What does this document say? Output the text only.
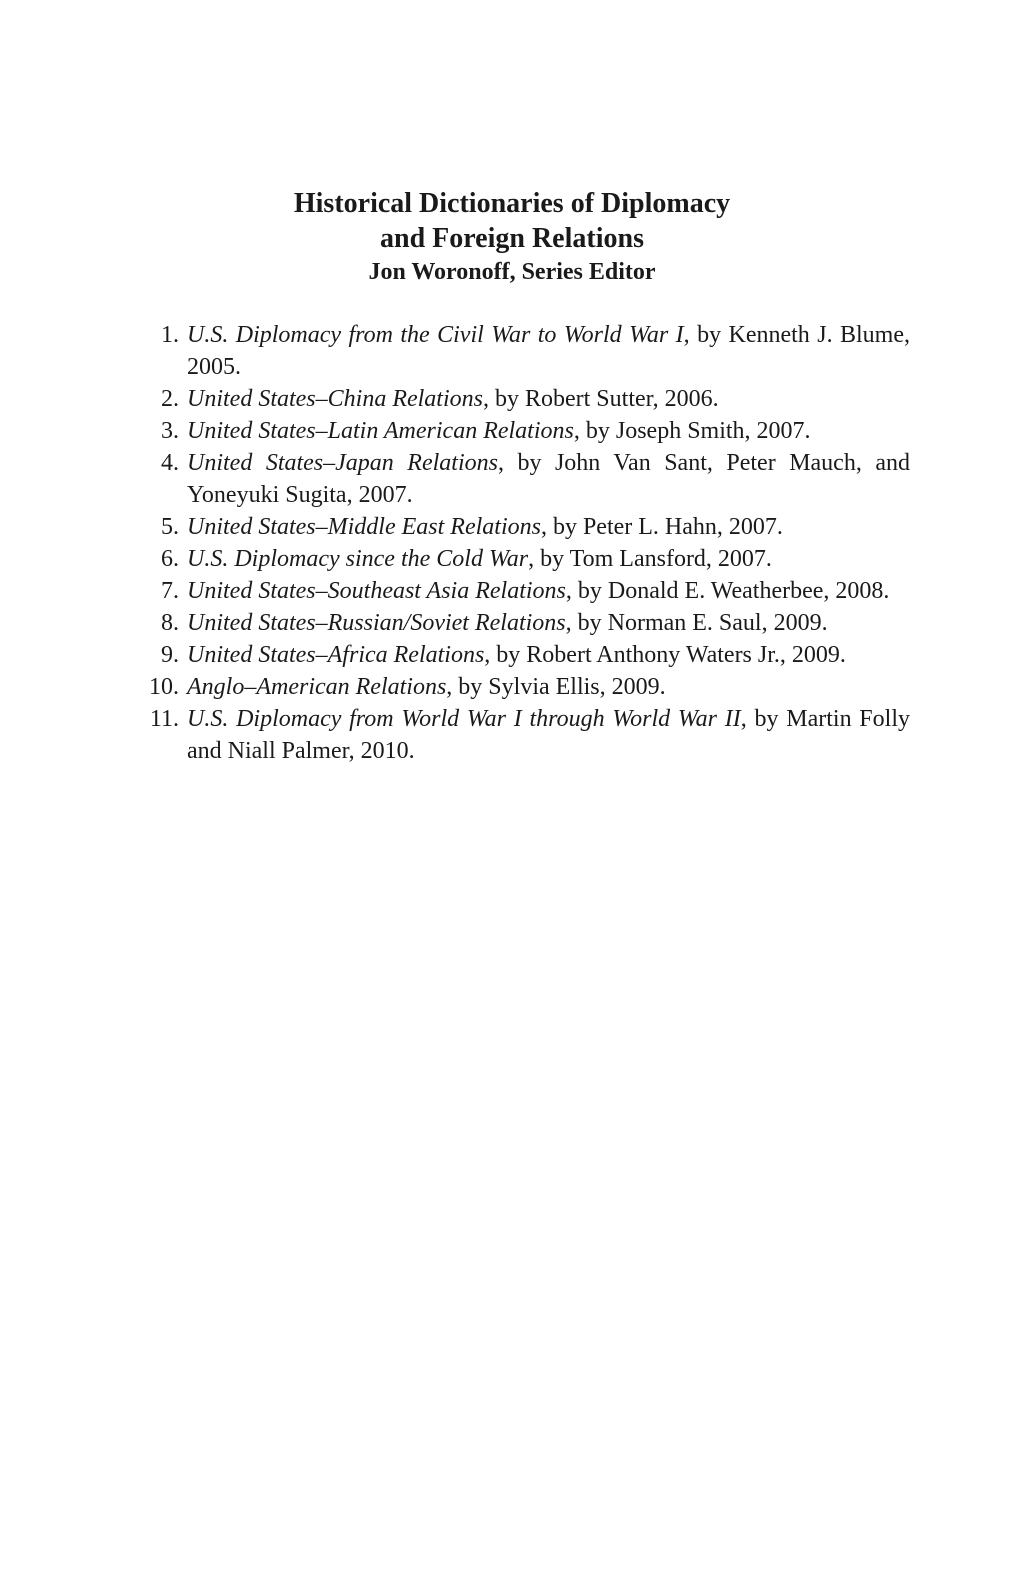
Historical Dictionaries of Diplomacy

and Foreign Relations

Jon Woronoff, Series Editor

1. U.S. Diplomacy from the Civil War to World War I, by Kenneth J. Blume, 2005.
2. United States–China Relations, by Robert Sutter, 2006.
3. United States–Latin American Relations, by Joseph Smith, 2007.
4. United States–Japan Relations, by John Van Sant, Peter Mauch, and Yoneyuki Sugita, 2007.
5. United States–Middle East Relations, by Peter L. Hahn, 2007.
6. U.S. Diplomacy since the Cold War, by Tom Lansford, 2007.
7. United States–Southeast Asia Relations, by Donald E. Weatherbee, 2008.
8. United States–Russian/Soviet Relations, by Norman E. Saul, 2009.
9. United States–Africa Relations, by Robert Anthony Waters Jr., 2009.
10. Anglo–American Relations, by Sylvia Ellis, 2009.
11. U.S. Diplomacy from World War I through World War II, by Martin Folly and Niall Palmer, 2010.
